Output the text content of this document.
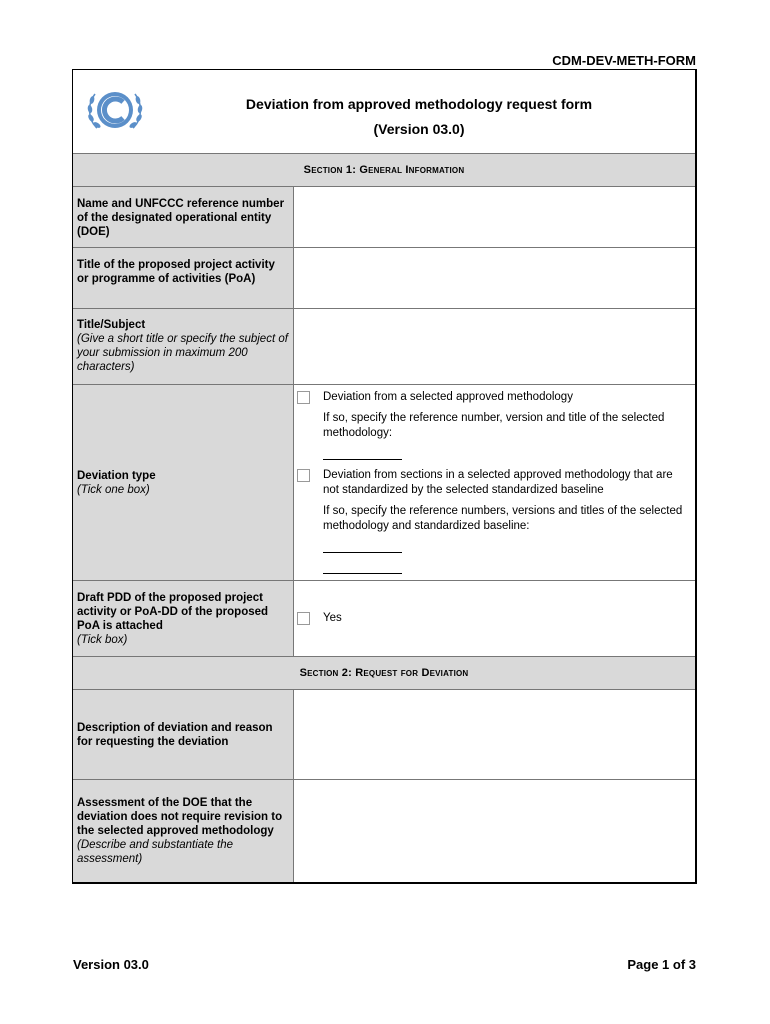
CDM-DEV-METH-FORM
Deviation from approved methodology request form
(Version 03.0)
Section 1: General Information
Name and UNFCCC reference number of the designated operational entity (DOE)
Title of the proposed project activity or programme of activities (PoA)
Title/Subject
(Give a short title or specify the subject of your submission in maximum 200 characters)
Deviation type
(Tick one box)
Deviation from a selected approved methodology
If so, specify the reference number, version and title of the selected methodology:
Deviation from sections in a selected approved methodology that are not standardized by the selected standardized baseline
If so, specify the reference numbers, versions and titles of the selected methodology and standardized baseline:
Draft PDD of the proposed project activity or PoA-DD of the proposed PoA is attached
(Tick box)
Yes
Section 2: Request for Deviation
Description of deviation and reason for requesting the deviation
Assessment of the DOE that the deviation does not require revision to the selected approved methodology
(Describe and substantiate the assessment)
Version 03.0	Page 1 of 3
